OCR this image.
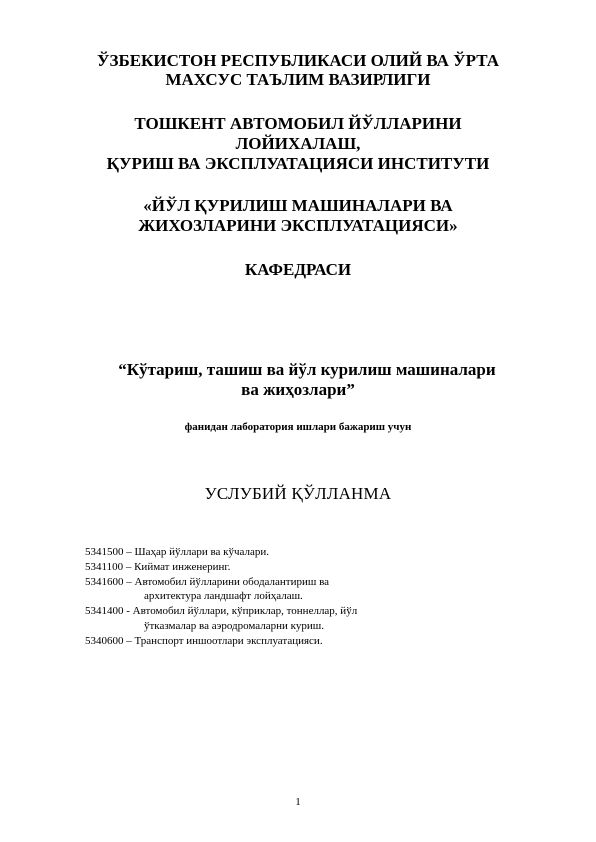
ЎЗБЕКИСТОН РЕСПУБЛИКАСИ ОЛИЙ ВА ЎРТА
МАХСУС ТАЪЛИМ ВАЗИРЛИГИ
ТОШКЕНТ АВТОМОБИЛ ЙЎЛЛАРИНИ
ЛОЙИХАЛАШ,
ҚУРИШ ВА ЭКСПЛУАТАЦИЯСИ ИНСТИТУТИ
«ЙЎЛ ҚУРИЛИШ МАШИНАЛАРИ ВА
ЖИХОЗЛАРИНИ ЭКСПЛУАТАЦИЯСИ»
КАФЕДРАСИ
“Кўтариш, ташиш ва йўл курилиш машиналари
ва жиҳозлари”
фанидан лаборатория ишлари бажариш учун
УСЛУБИЙ ҚЎЛЛАНМА
5341500 – Шаҳар йўллари ва кўчалари.
5341100 – Киймат инженеринг.
5341600 – Автомобил йўлларини ободалантириш ва
архитектура ландшафт лойҳалаш.
5341400 - Автомобил йўллари, кўприклар, тоннеллар, йўл
ўтказмалар ва аэродромаларни куриш.
5340600 – Транспорт иншоотлари эксплуатацияси.
1
